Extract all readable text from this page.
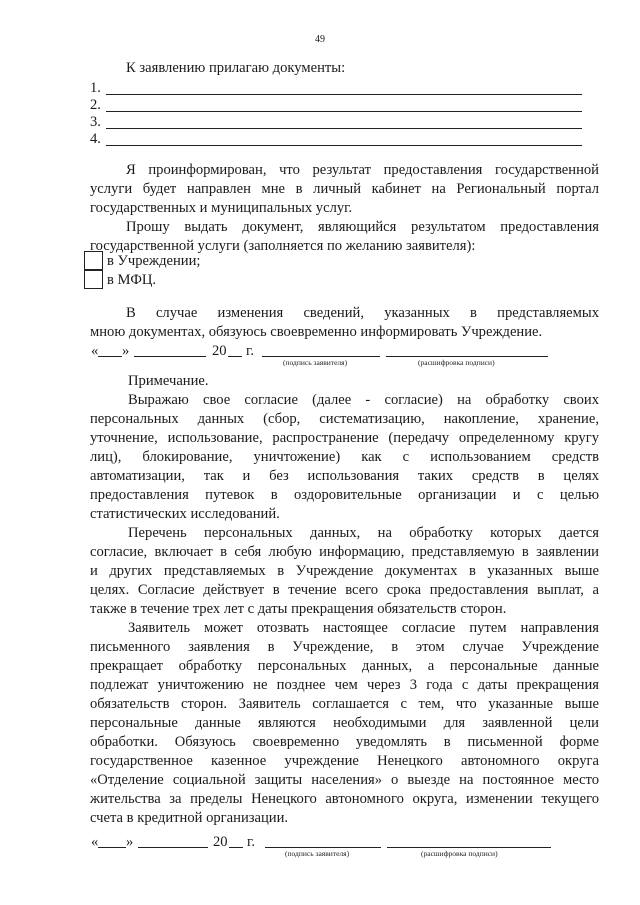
49
К заявлению прилагаю документы:
1.
2.
3.
4.
Я проинформирован, что результат предоставления государственной
услуги будет направлен мне в личный кабинет на Региональный портал
государственных и муниципальных услуг.
Прошу выдать документ, являющийся результатом предоставления
государственной услуги (заполняется по желанию заявителя):
в Учреждении;
в МФЦ.
В случае изменения сведений, указанных в представляемых
мною документах, обязуюсь своевременно информировать Учреждение.
« »	20 г.
(подпись заявителя)	(расшифровка подписи)
Примечание.
Выражаю свое согласие (далее - согласие) на обработку своих
персональных данных (сбор, систематизацию, накопление, хранение,
уточнение, использование, распространение (передачу определенному кругу
лиц), блокирование, уничтожение) как с использованием средств
автоматизации, так и без использования таких средств в целях
предоставления путевок в оздоровительные организации и с целью
статистических исследований.
Перечень персональных данных, на обработку которых дается
согласие, включает в себя любую информацию, представляемую в заявлении
и других представляемых в Учреждение документах в указанных выше
целях. Согласие действует в течение всего срока предоставления выплат, а
также в течение трех лет с даты прекращения обязательств сторон.
Заявитель может отозвать настоящее согласие путем направления
письменного заявления в Учреждение, в этом случае Учреждение
прекращает обработку персональных данных, а персональные данные
подлежат уничтожению не позднее чем через 3 года с даты прекращения
обязательств сторон. Заявитель соглашается с тем, что указанные выше
персональные данные являются необходимыми для заявленной цели
обработки. Обязуюсь своевременно уведомлять в письменной форме
государственное казенное учреждение Ненецкого автономного округа
«Отделение социальной защиты населения» о выезде на постоянное место
жительства за пределы Ненецкого автономного округа, изменении текущего
счета в кредитной организации.
« »	20 г.
(подпись заявителя)	(расшифровка подписи)
